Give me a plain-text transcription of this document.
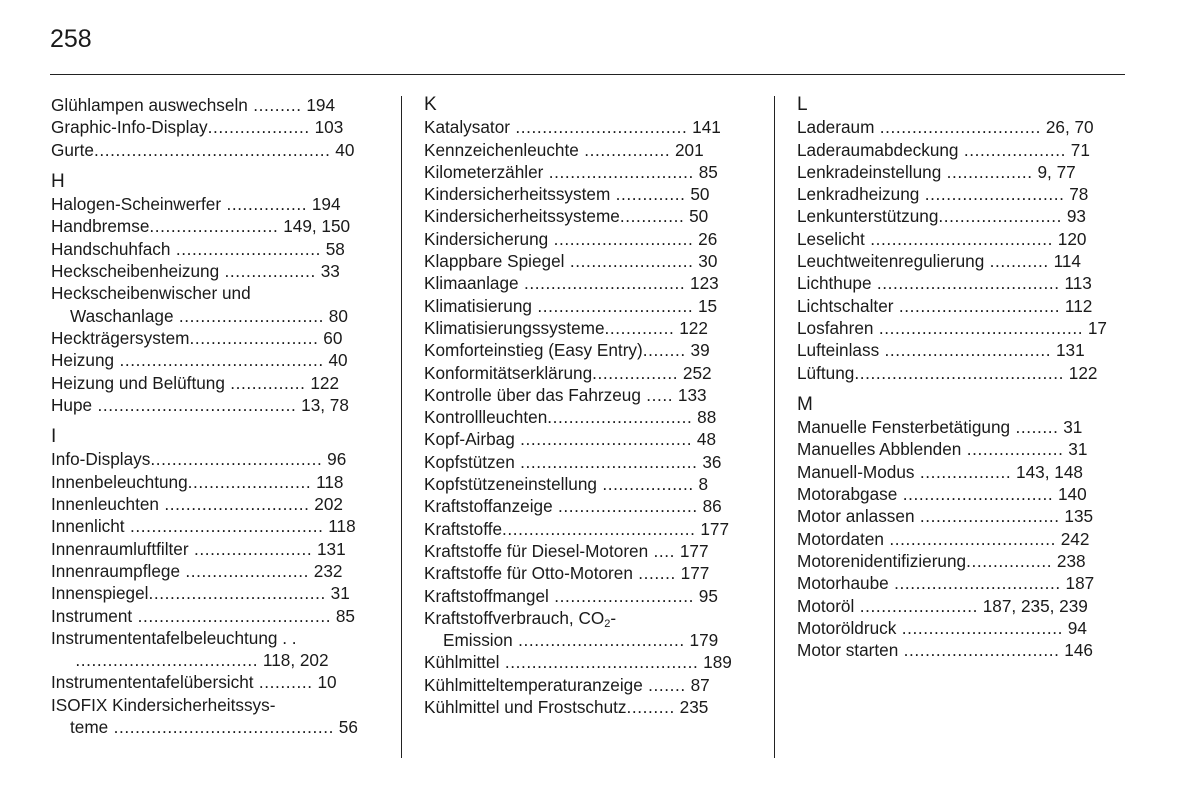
258
Glühlampen auswechseln ......... 194
Graphic-Info-Display................... 103
Gurte............................................ 40
H
Halogen-Scheinwerfer ............... 194
Handbremse........................ 149, 150
Handschuhfach ........................... 58
Heckscheibenheizung ................. 33
Heckscheibenwischer und
Waschanlage ........................... 80
Heckträgersystem........................ 60
Heizung ...................................... 40
Heizung und Belüftung .............. 122
Hupe ..................................... 13, 78
I
Info-Displays................................ 96
Innenbeleuchtung....................... 118
Innenleuchten ........................... 202
Innenlicht .................................... 118
Innenraumluftfilter ...................... 131
Innenraumpflege ....................... 232
Innenspiegel................................. 31
Instrument .................................... 85
Instrumententafelbeleuchtung . .
.................................. 118, 202
Instrumententafelübersicht .......... 10
ISOFIX Kindersicherheitssys-
teme ......................................... 56
K
Katalysator ................................ 141
Kennzeichenleuchte ................ 201
Kilometerzähler ........................... 85
Kindersicherheitssystem ............. 50
Kindersicherheitssysteme............ 50
Kindersicherung .......................... 26
Klappbare Spiegel ....................... 30
Klimaanlage .............................. 123
Klimatisierung ............................. 15
Klimatisierungssysteme............. 122
Komforteinstieg (Easy Entry)........ 39
Konformitätserklärung................ 252
Kontrolle über das Fahrzeug ..... 133
Kontrollleuchten........................... 88
Kopf-Airbag ................................ 48
Kopfstützen ................................. 36
Kopfstützeneinstellung ................. 8
Kraftstoffanzeige .......................... 86
Kraftstoffe.................................... 177
Kraftstoffe für Diesel-Motoren .... 177
Kraftstoffe für Otto-Motoren ....... 177
Kraftstoffmangel .......................... 95
Kraftstoffverbrauch, $CO_2-$
Emission ............................... 179
Kühlmittel .................................... 189
Kühlmitteltemperaturanzeige ....... 87
Kühlmittel und Frostschutz......... 235
L
Laderaum .............................. 26, 70
Laderaumabdeckung ................... 71
Lenkradeinstellung ................ 9, 77
Lenkradheizung .......................... 78
Lenkunterstützung....................... 93
Leselicht .................................. 120
Leuchtweitenregulierung ........... 114
Lichthupe .................................. 113
Lichtschalter .............................. 112
Losfahren ...................................... 17
Lufteinlass ............................... 131
Lüftung....................................... 122
M
Manuelle Fensterbetätigung ........ 31
Manuelles Abblenden .................. 31
Manuell-Modus ................. 143, 148
Motorabgase ............................ 140
Motor anlassen .......................... 135
Motordaten ............................... 242
Motorenidentifizierung................ 238
Motorhaube ............................... 187
Motoröl ...................... 187, 235, 239
Motoröldruck .............................. 94
Motor starten ............................. 146
